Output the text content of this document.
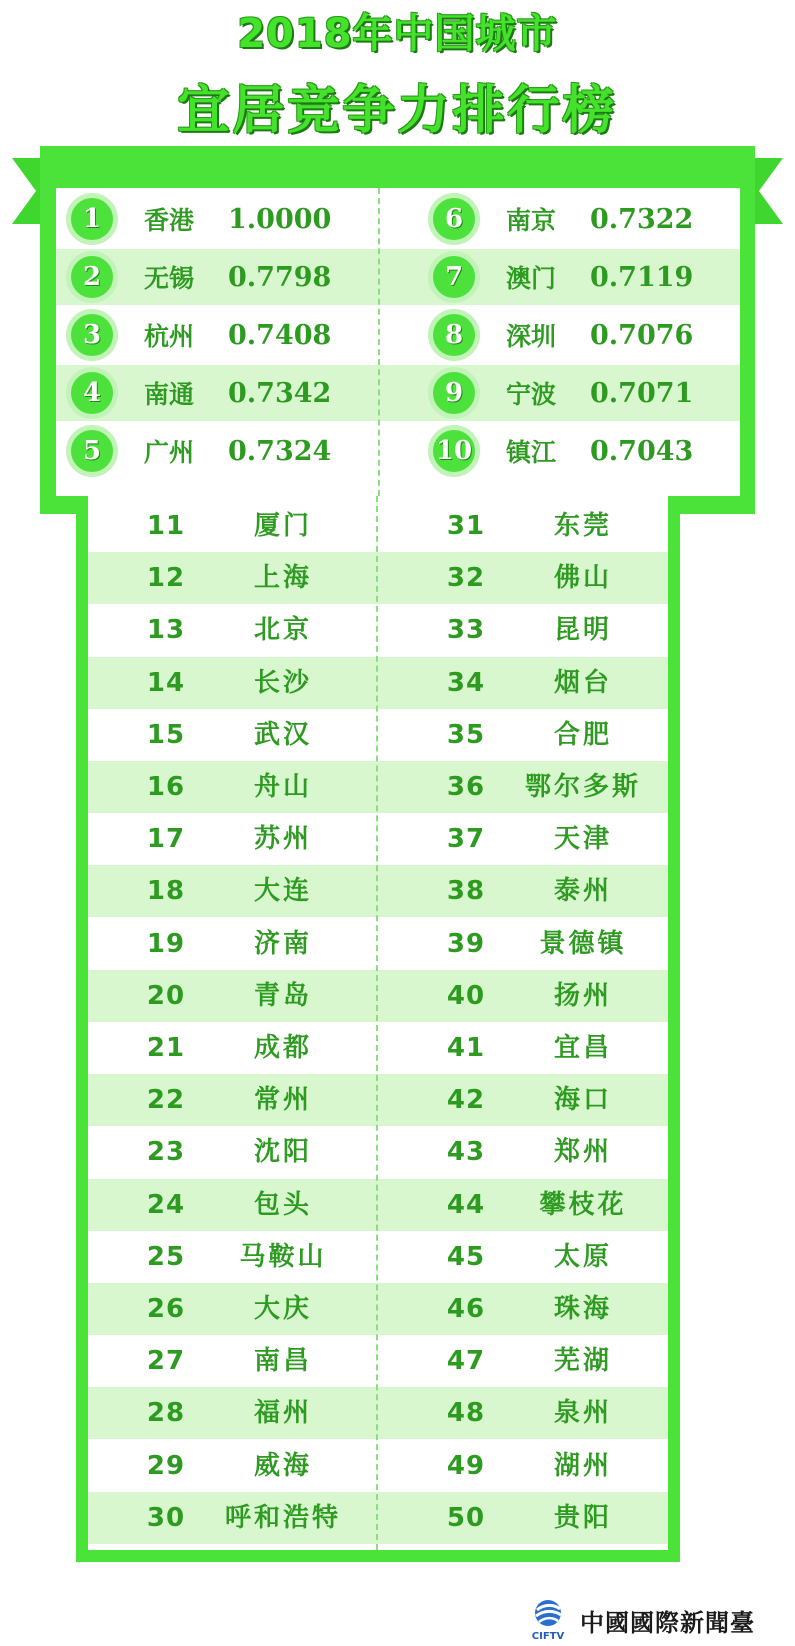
2018年中国城市
宜居竞争力排行榜
5	广州	0.7324	10	镇江	0.7043
4	南通	0.7342	9	宁波	0.7071
3	杭州	0.7408	8	深圳	0.7076
2	无锡	0.7798	7	澳门	0.7119
1	香港	1.0000	6	南京	0.7322
30	呼和浩特	50	贵阳
29	威海	49	湖州
28	福州	48	泉州
27	南昌	47	芜湖
26	大庆	46	珠海
25	马鞍山	45	太原
24	包头	44	攀枝花
23	沈阳	43	郑州
22	常州	42	海口
21	成都	41	宜昌
20	青岛	40	扬州
19	济南	39	景德镇
18	大连	38	泰州
17	苏州	37	天津
16	舟山	36	鄂尔多斯
15	武汉	35	合肥
14	长沙	34	烟台
13	北京	33	昆明
12	上海	32	佛山
11	厦门	31	东莞
CIFTV 中國國際新聞臺
